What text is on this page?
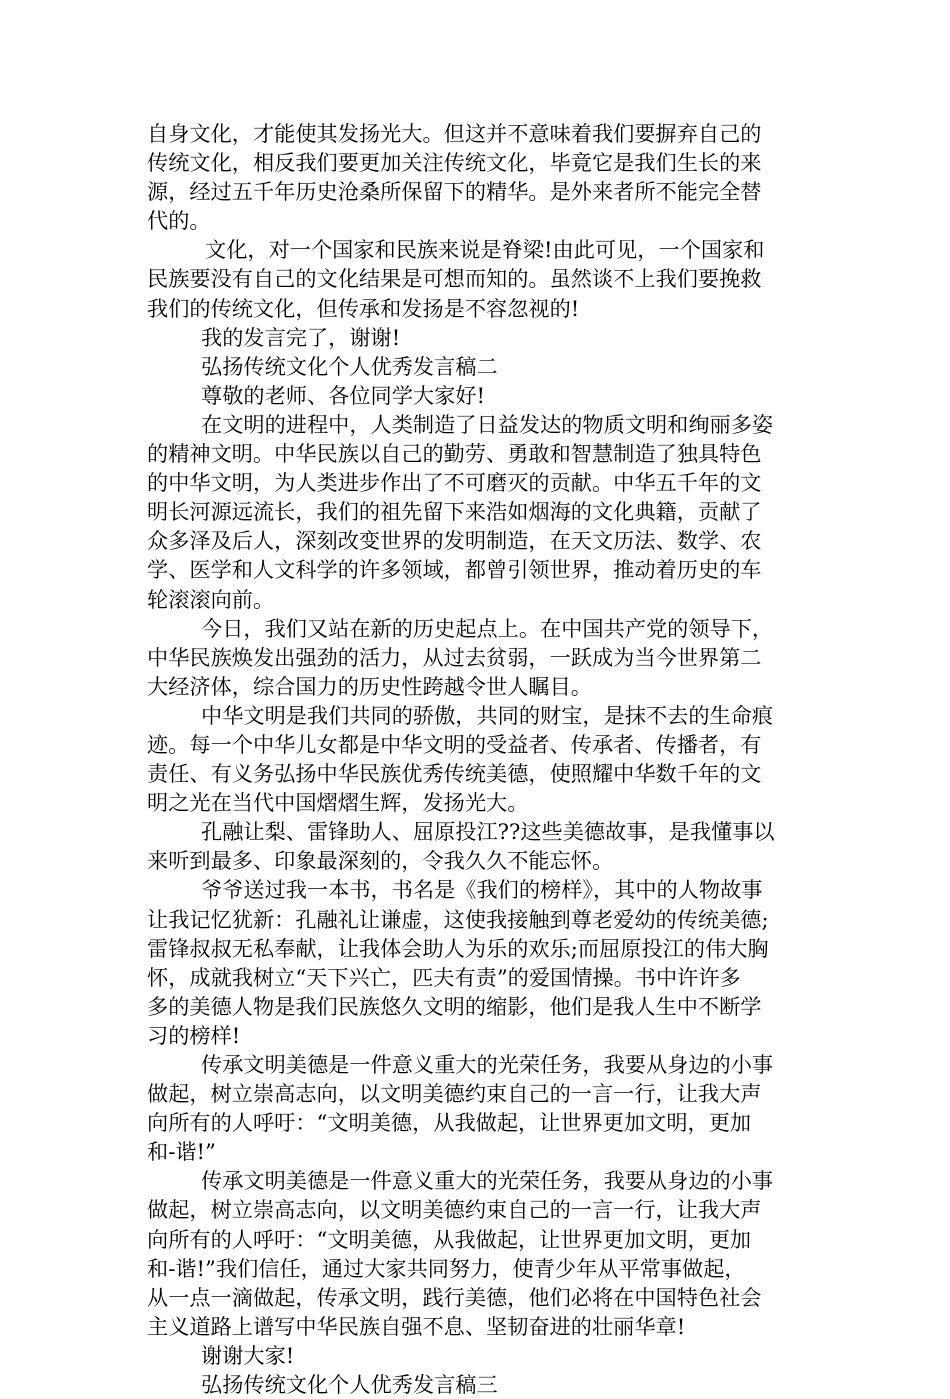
自身文化，才能使其发扬光大。但这并不意味着我们要摒弃自己的
传统文化，相反我们要更加关注传统文化，毕竟它是我们生长的来
源，经过五千年历史沧桑所保留下的精华。是外来者所不能完全替
代的。
文化，对一个国家和民族来说是脊梁!由此可见，一个国家和
民族要没有自己的文化结果是可想而知的。虽然谈不上我们要挽救
我们的传统文化，但传承和发扬是不容忽视的!
我的发言完了，谢谢!
弘扬传统文化个人优秀发言稿二
尊敬的老师、各位同学大家好!
在文明的进程中，人类制造了日益发达的物质文明和绚丽多姿
的精神文明。中华民族以自己的勤劳、勇敢和智慧制造了独具特色
的中华文明，为人类进步作出了不可磨灭的贡献。中华五千年的文
明长河源远流长，我们的祖先留下来浩如烟海的文化典籍，贡献了
众多泽及后人，深刻改变世界的发明制造，在天文历法、数学、农
学、医学和人文科学的许多领域，都曾引领世界，推动着历史的车
轮滚滚向前。
今日，我们又站在新的历史起点上。在中国共产党的领导下，
中华民族焕发出强劲的活力，从过去贫弱，一跃成为当今世界第二
大经济体，综合国力的历史性跨越令世人瞩目。
中华文明是我们共同的骄傲，共同的财宝，是抹不去的生命痕
迹。每一个中华儿女都是中华文明的受益者、传承者、传播者，有
责任、有义务弘扬中华民族优秀传统美德，使照耀中华数千年的文
明之光在当代中国熠熠生辉，发扬光大。
孔融让梨、雷锋助人、屈原投江??这些美德故事，是我懂事以
来听到最多、印象最深刻的，令我久久不能忘怀。
爷爷送过我一本书，书名是《我们的榜样》，其中的人物故事
让我记忆犹新：孔融礼让谦虚，这使我接触到尊老爱幼的传统美德;
雷锋叔叔无私奉献，让我体会助人为乐的欢乐;而屈原投江的伟大胸
怀，成就我树立“天下兴亡，匹夫有责”的爱国情操。书中许许多
多的美德人物是我们民族悠久文明的缩影，他们是我人生中不断学
习的榜样!
传承文明美德是一件意义重大的光荣任务，我要从身边的小事
做起，树立崇高志向，以文明美德约束自己的一言一行，让我大声
向所有的人呼吁：“文明美德，从我做起，让世界更加文明，更加
和-谐!”
传承文明美德是一件意义重大的光荣任务，我要从身边的小事
做起，树立崇高志向，以文明美德约束自己的一言一行，让我大声
向所有的人呼吁：“文明美德，从我做起，让世界更加文明，更加
和-谐!”我们信任，通过大家共同努力，使青少年从平常事做起，
从一点一滴做起，传承文明，践行美德，他们必将在中国特色社会
主义道路上谱写中华民族自强不息、坚韧奋进的壮丽华章!
谢谢大家!
弘扬传统文化个人优秀发言稿三
